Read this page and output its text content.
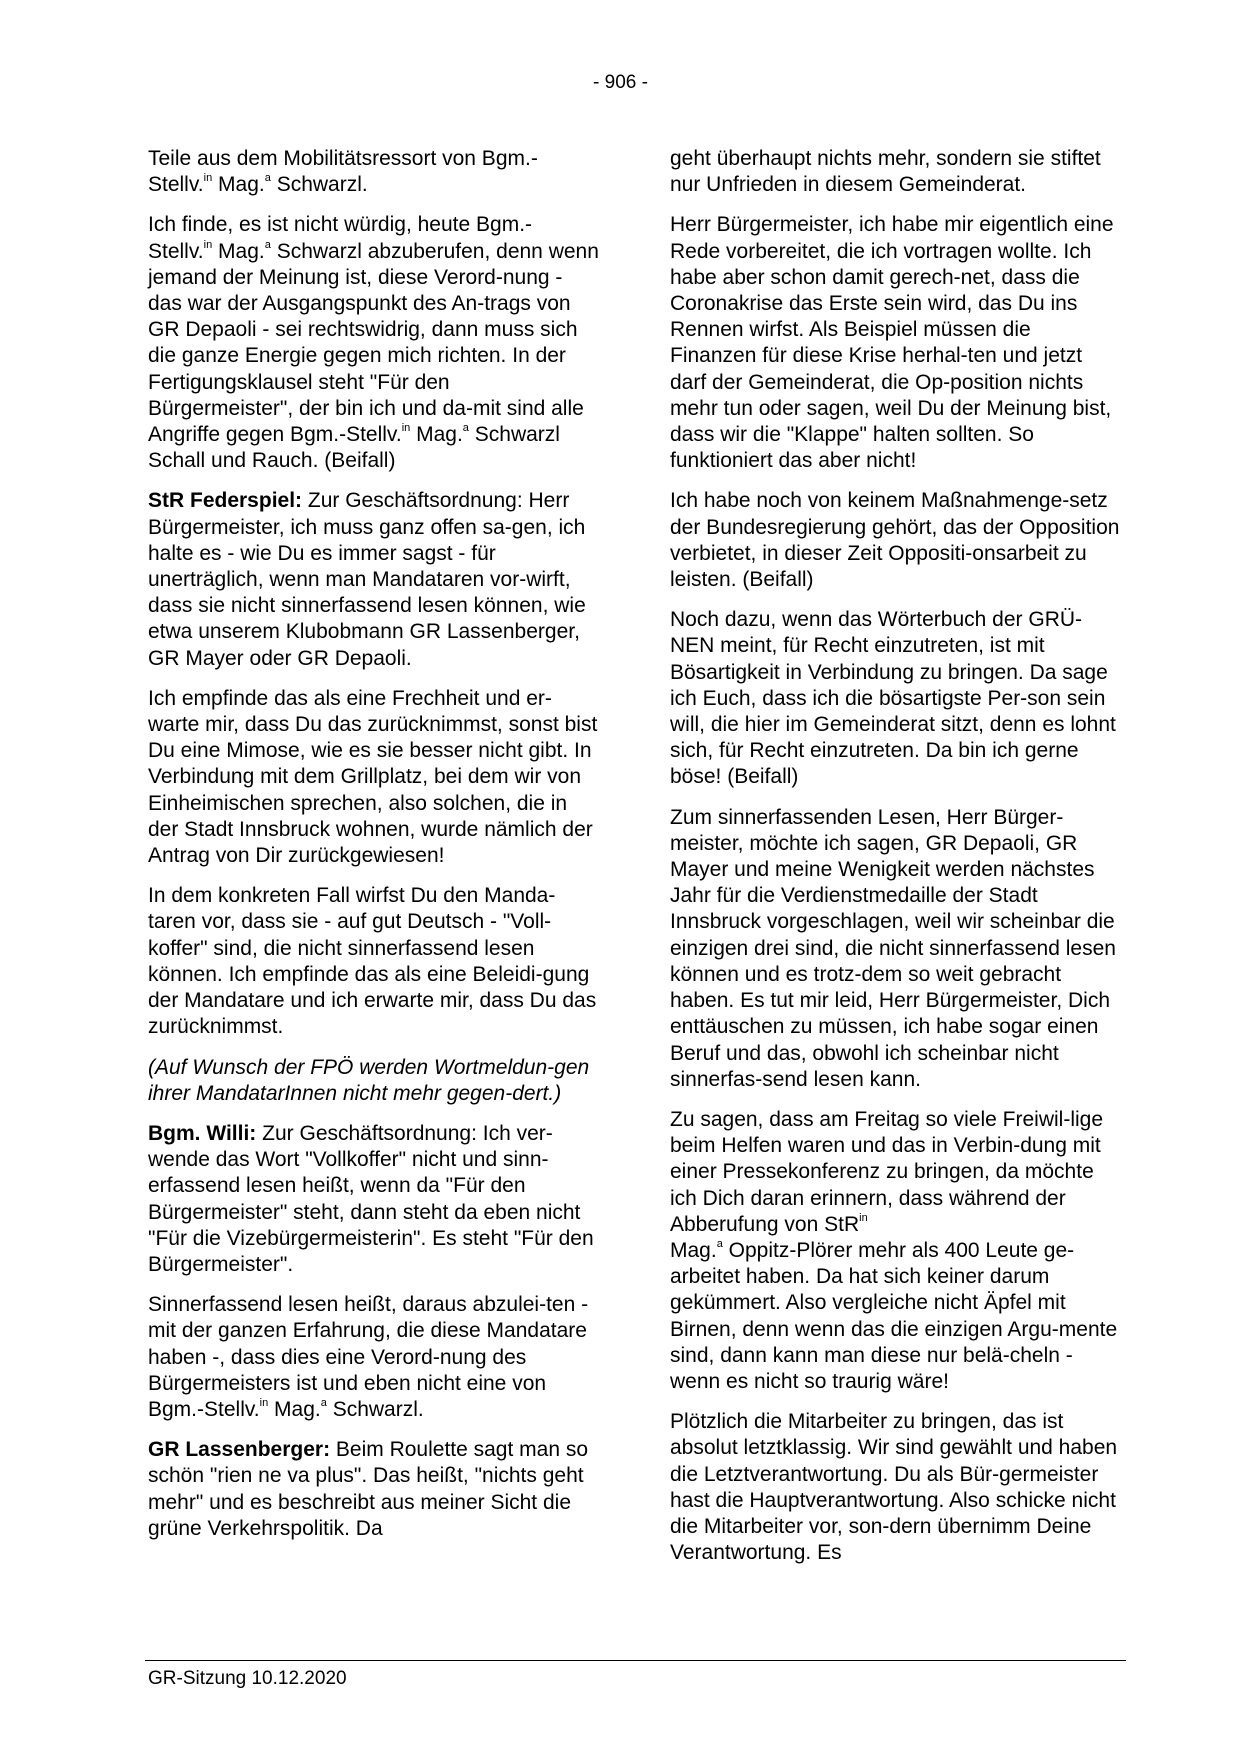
- 906 -

Teile aus dem Mobilitätsressort von Bgm.-
Stellv.$^{in}$ Mag.$^a$ Schwarzl.

Ich finde, es ist nicht würdig, heute Bgm.-
Stellv.$^{in}$ Mag.$^a$ Schwarzl abzuberufen, denn wenn jemand der Meinung ist, diese Verord-nung - das war der Ausgangspunkt des An-trags von GR Depaoli - sei rechtswidrig, dann muss sich die ganze Energie gegen mich richten. In der Fertigungsklausel steht "Für den Bürgermeister", der bin ich und da-mit sind alle Angriffe gegen Bgm.-Stellv.$^{in}$ Mag.$^a$ Schwarzl Schall und Rauch. (Beifall)

StR Federspiel: Zur Geschäftsordnung: Herr Bürgermeister, ich muss ganz offen sa-gen, ich halte es - wie Du es immer sagst - für unerträglich, wenn man Mandataren vor-wirft, dass sie nicht sinnerfassend lesen können, wie etwa unserem Klubobmann GR Lassenberger, GR Mayer oder GR Depaoli.

Ich empfinde das als eine Frechheit und er-warte mir, dass Du das zurücknimmst, sonst bist Du eine Mimose, wie es sie besser nicht gibt. In Verbindung mit dem Grillplatz, bei dem wir von Einheimischen sprechen, also solchen, die in der Stadt Innsbruck wohnen, wurde nämlich der Antrag von Dir zurückgewiesen!

In dem konkreten Fall wirfst Du den Manda-taren vor, dass sie - auf gut Deutsch - "Voll-koffer" sind, die nicht sinnerfassend lesen können. Ich empfinde das als eine Beleidi-gung der Mandatare und ich erwarte mir, dass Du das zurücknimmst.

(Auf Wunsch der FPÖ werden Wortmeldun-gen ihrer MandatarInnen nicht mehr gegen-dert.)

Bgm. Willi: Zur Geschäftsordnung: Ich ver-wende das Wort "Vollkoffer" nicht und sinn-erfassend lesen heißt, wenn da "Für den Bürgermeister" steht, dann steht da eben nicht "Für die Vizebürgermeisterin". Es steht "Für den Bürgermeister".

Sinnerfassend lesen heißt, daraus abzulei-ten - mit der ganzen Erfahrung, die diese Mandatare haben -, dass dies eine Verord-nung des Bürgermeisters ist und eben nicht eine von Bgm.-Stellv.$^{in}$ Mag.$^a$ Schwarzl.

GR Lassenberger: Beim Roulette sagt man so schön "rien ne va plus". Das heißt, "nichts geht mehr" und es beschreibt aus meiner Sicht die grüne Verkehrspolitik. Da

geht überhaupt nichts mehr, sondern sie stiftet nur Unfrieden in diesem Gemeinderat.

Herr Bürgermeister, ich habe mir eigentlich eine Rede vorbereitet, die ich vortragen wollte. Ich habe aber schon damit gerech-net, dass die Coronakrise das Erste sein wird, das Du ins Rennen wirfst. Als Beispiel müssen die Finanzen für diese Krise herhal-ten und jetzt darf der Gemeinderat, die Op-position nichts mehr tun oder sagen, weil Du der Meinung bist, dass wir die "Klappe" halten sollten. So funktioniert das aber nicht!

Ich habe noch von keinem Maßnahmenge-setz der Bundesregierung gehört, das der Opposition verbietet, in dieser Zeit Oppositi-onsarbeit zu leisten. (Beifall)

Noch dazu, wenn das Wörterbuch der GRÜ-NEN meint, für Recht einzutreten, ist mit Bösartigkeit in Verbindung zu bringen. Da sage ich Euch, dass ich die bösartigste Per-son sein will, die hier im Gemeinderat sitzt, denn es lohnt sich, für Recht einzutreten. Da bin ich gerne böse! (Beifall)

Zum sinnerfassenden Lesen, Herr Bürger-meister, möchte ich sagen, GR Depaoli, GR Mayer und meine Wenigkeit werden nächstes Jahr für die Verdienstmedaille der Stadt Innsbruck vorgeschlagen, weil wir scheinbar die einzigen drei sind, die nicht sinnerfassend lesen können und es trotz-dem so weit gebracht haben. Es tut mir leid, Herr Bürgermeister, Dich enttäuschen zu müssen, ich habe sogar einen Beruf und das, obwohl ich scheinbar nicht sinnerfas-send lesen kann.

Zu sagen, dass am Freitag so viele Freiwil-lige beim Helfen waren und das in Verbin-dung mit einer Pressekonferenz zu bringen, da möchte ich Dich daran erinnern, dass während der Abberufung von StR$^{in}$
Mag.$^a$ Oppitz-Plörer mehr als 400 Leute ge-arbeitet haben. Da hat sich keiner darum gekümmert. Also vergleiche nicht Äpfel mit Birnen, denn wenn das die einzigen Argu-mente sind, dann kann man diese nur belä-cheln - wenn es nicht so traurig wäre!

Plötzlich die Mitarbeiter zu bringen, das ist absolut letztklassig. Wir sind gewählt und haben die Letztverantwortung. Du als Bür-germeister hast die Hauptverantwortung. Also schicke nicht die Mitarbeiter vor, son-dern übernimm Deine Verantwortung. Es

GR-Sitzung 10.12.2020
